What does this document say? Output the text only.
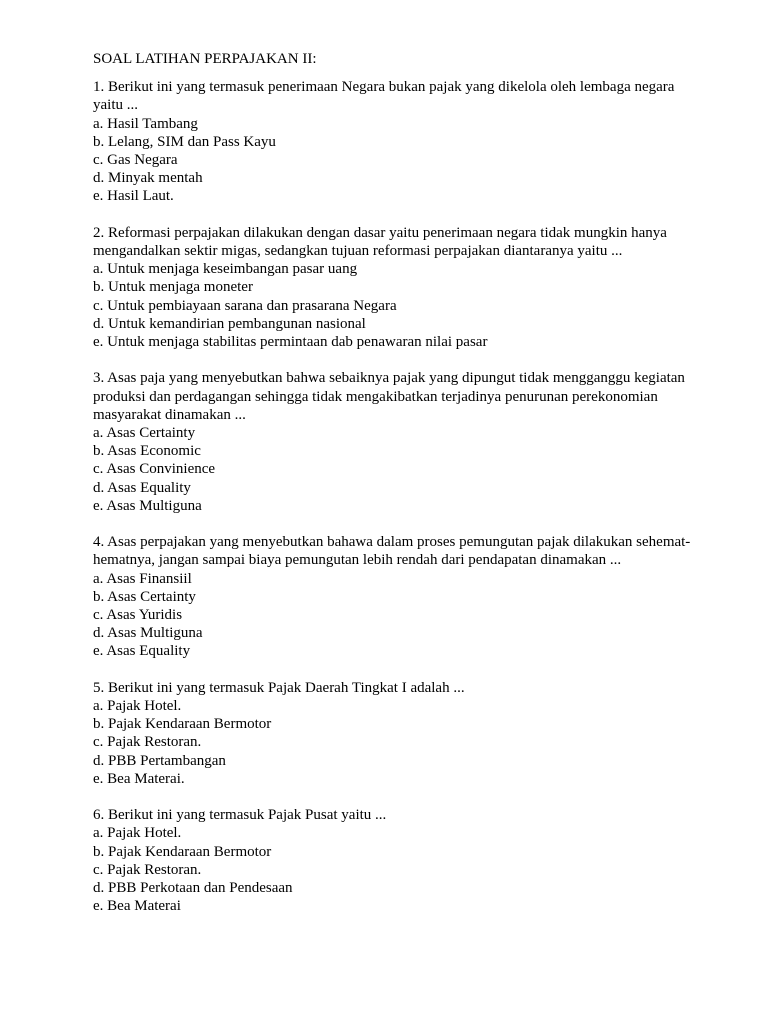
SOAL LATIHAN PERPAJAKAN II:
1. Berikut ini yang termasuk penerimaan Negara bukan pajak yang dikelola oleh lembaga negara yaitu ...
a. Hasil Tambang
b. Lelang, SIM dan Pass Kayu
c. Gas Negara
d. Minyak mentah
e. Hasil Laut.
2. Reformasi perpajakan dilakukan dengan dasar yaitu penerimaan negara tidak mungkin hanya mengandalkan sektir migas, sedangkan tujuan reformasi perpajakan diantaranya yaitu ...
a. Untuk menjaga keseimbangan pasar uang
b. Untuk menjaga moneter
c. Untuk pembiayaan sarana dan prasarana Negara
d. Untuk kemandirian pembangunan nasional
e. Untuk menjaga stabilitas permintaan dab penawaran nilai pasar
3. Asas paja yang menyebutkan bahwa sebaiknya pajak yang dipungut tidak mengganggu kegiatan produksi dan perdagangan sehingga tidak mengakibatkan terjadinya penurunan perekonomian masyarakat dinamakan ...
a. Asas Certainty
b. Asas Economic
c. Asas Convinience
d. Asas Equality
e. Asas Multiguna
4. Asas perpajakan yang menyebutkan bahawa dalam proses pemungutan pajak dilakukan sehemat-hematnya, jangan sampai biaya pemungutan lebih rendah dari pendapatan dinamakan ...
a. Asas Finansiil
b. Asas Certainty
c. Asas Yuridis
d. Asas Multiguna
e. Asas Equality
5. Berikut ini yang termasuk Pajak Daerah Tingkat I adalah ...
a. Pajak Hotel.
b. Pajak Kendaraan Bermotor
c. Pajak Restoran.
d. PBB Pertambangan
e. Bea Materai.
6. Berikut ini yang termasuk Pajak Pusat yaitu ...
a. Pajak Hotel.
b. Pajak Kendaraan Bermotor
c. Pajak Restoran.
d. PBB Perkotaan dan Pendesaan
e. Bea Materai
